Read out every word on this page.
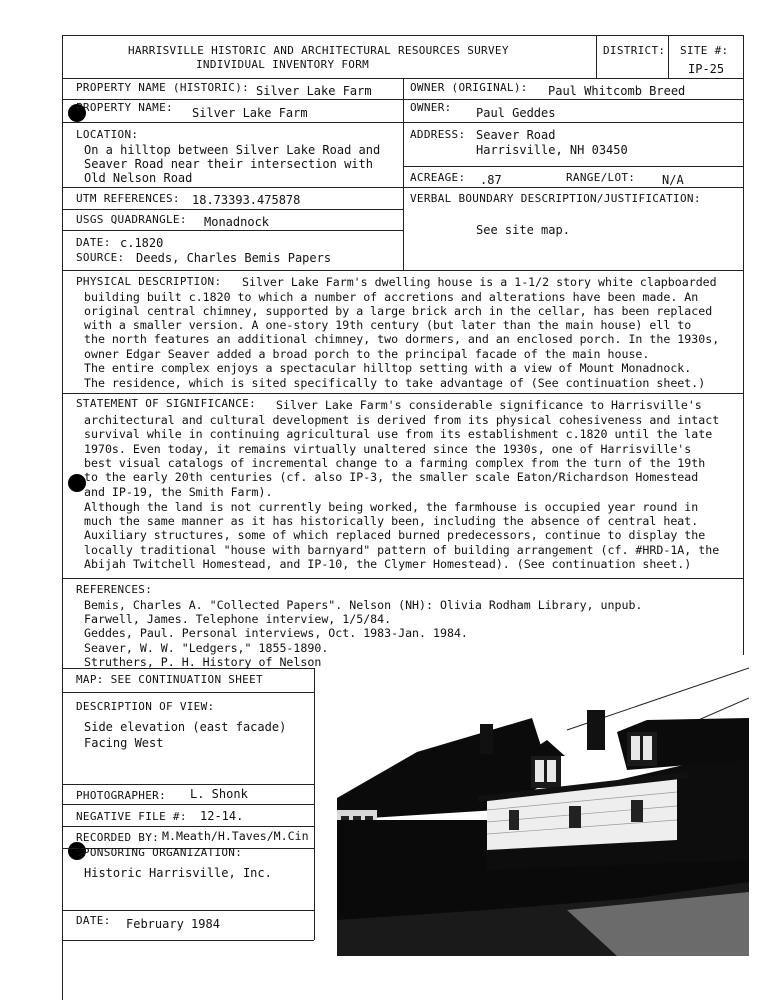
HARRISVILLE HISTORIC AND ARCHITECTURAL RESOURCES SURVEY
INDIVIDUAL INVENTORY FORM
DISTRICT: SITE #:
IP-25
PROPERTY NAME (HISTORIC): Silver Lake Farm
PROPERTY NAME: Silver Lake Farm
OWNER (ORIGINAL): Paul Whitcomb Breed
OWNER: Paul Geddes
LOCATION:
On a hilltop between Silver Lake Road and
Seaver Road near their intersection with
Old Nelson Road
ADDRESS: Seaver Road
Harrisville, NH 03450
ACREAGE: .87	RANGE/LOT: N/A
UTM REFERENCES: 18.73393.475878
USGS QUADRANGLE: Monadnock
DATE: c.1820
SOURCE: Deeds, Charles Bemis Papers
VERBAL BOUNDARY DESCRIPTION/JUSTIFICATION:
See site map.
PHYSICAL DESCRIPTION: Silver Lake Farm's dwelling house is a 1-1/2 story white clapboarded
building built c.1820 to which a number of accretions and alterations have been made. An
original central chimney, supported by a large brick arch in the cellar, has been replaced
with a smaller version. A one-story 19th century (but later than the main house) ell to
the north features an additional chimney, two dormers, and an enclosed porch. In the 1930s,
owner Edgar Seaver added a broad porch to the principal facade of the main house.
The entire complex enjoys a spectacular hilltop setting with a view of Mount Monadnock.
The residence, which is sited specifically to take advantage of (See continuation sheet.)
STATEMENT OF SIGNIFICANCE: Silver Lake Farm's considerable significance to Harrisville's
architectural and cultural development is derived from its physical cohesiveness and intact
survival while in continuing agricultural use from its establishment c.1820 until the late
1970s. Even today, it remains virtually unaltered since the 1930s, one of Harrisville's
best visual catalogs of incremental change to a farming complex from the turn of the 19th
to the early 20th centuries (cf. also IP-3, the smaller scale Eaton/Richardson Homestead
and IP-19, the Smith Farm).
Although the land is not currently being worked, the farmhouse is occupied year round in
much the same manner as it has historically been, including the absence of central heat.
Auxiliary structures, some of which replaced burned predecessors, continue to display the
locally traditional "house with barnyard" pattern of building arrangement (cf. #HRD-1A, the
Abijah Twitchell Homestead, and IP-10, the Clymer Homestead). (See continuation sheet.)
REFERENCES:
Bemis, Charles A. "Collected Papers". Nelson (NH): Olivia Rodham Library, unpub.
Farwell, James. Telephone interview, 1/5/84.
Geddes, Paul. Personal interviews, Oct. 1983-Jan. 1984.
Seaver, W. W. "Ledgers," 1855-1890.
Struthers, P. H. History of Nelson
MAP: SEE CONTINUATION SHEET
DESCRIPTION OF VIEW:
Side elevation (east facade)
Facing West
PHOTOGRAPHER: L. Shonk
NEGATIVE FILE #: 12-14.
RECORDED BY: M.Meath/H.Taves/M.Cin
SPONSORING ORGANIZATION:
Historic Harrisville, Inc.
DATE: February 1984
